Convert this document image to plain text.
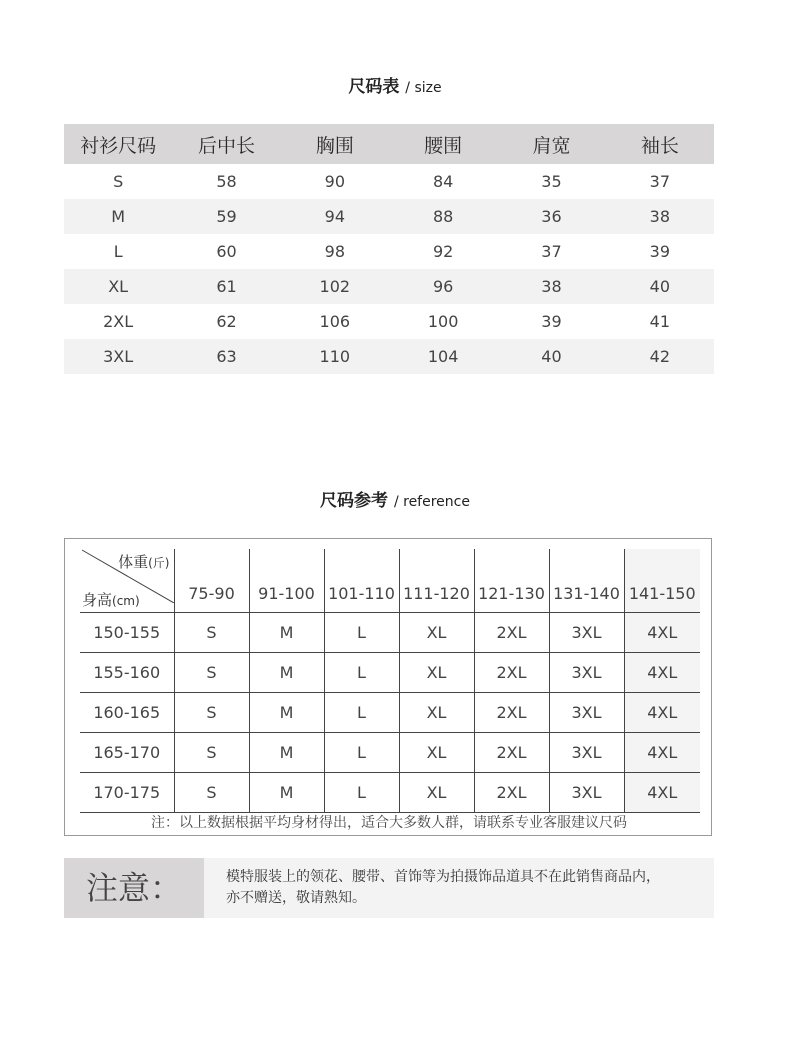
尺码表 / size
衬衫尺码	后中长	胸围	腰围	肩宽	袖长
S	58	90	84	35	37
M	59	94	88	36	38
L	60	98	92	37	39
XL	61	102	96	38	40
2XL	62	106	100	39	41
3XL	63	110	104	40	42
尺码参考 / reference
体重(斤)
身高(cm)	75-90	91-100	101-110	111-120	121-130	131-140	141-150
150-155	S	M	L	XL	2XL	3XL	4XL
155-160	S	M	L	XL	2XL	3XL	4XL
160-165	S	M	L	XL	2XL	3XL	4XL
165-170	S	M	L	XL	2XL	3XL	4XL
170-175	S	M	L	XL	2XL	3XL	4XL
注：以上数据根据平均身材得出，适合大多数人群，请联系专业客服建议尺码
注意：	模特服装上的领花、腰带、首饰等为拍摄饰品道具不在此销售商品内，
亦不赠送，敬请熟知。
